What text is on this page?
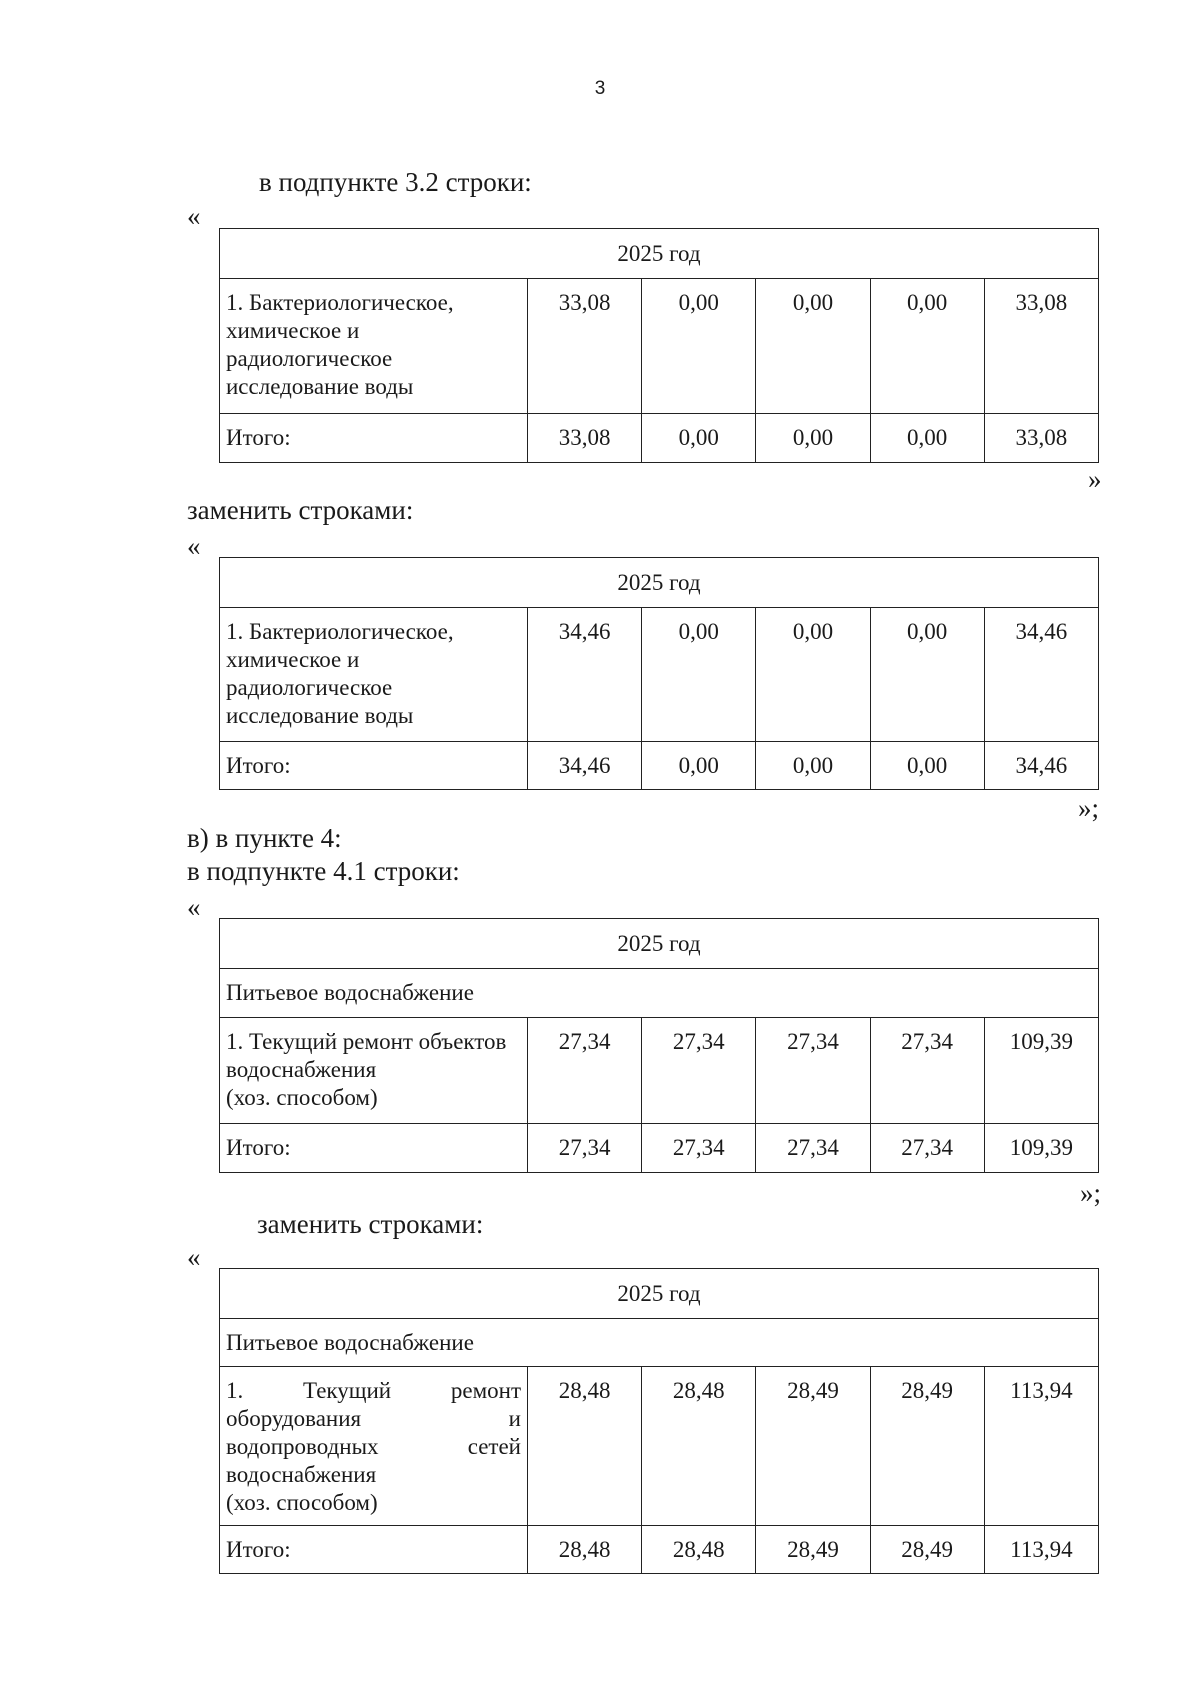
3
в подпункте 3.2 строки:
«
2025 год					

1. Бактериологическое,
химическое и
радиологическое
исследование воды	33,08	0,00	0,00	0,00	33,08
Итого:	33,08	0,00	0,00	0,00	33,08
»
заменить строками:
«
2025 год					

1. Бактериологическое,
химическое и
радиологическое
исследование воды	34,46	0,00	0,00	0,00	34,46
Итого:	34,46	0,00	0,00	0,00	34,46
»;
в) в пункте 4:
в подпункте 4.1 строки:
«
2025 год					
Питьевое водоснабжение					

1. Текущий ремонт объектов
водоснабжения
(хоз. способом)	27,34	27,34	27,34	27,34	109,39
Итого:	27,34	27,34	27,34	27,34	109,39
»;
заменить строками:
«
2025 год					
Питьевое водоснабжение					

1. Текущий ремонт
оборудования и
водопроводных сетей
водоснабжения
(хоз. способом)	28,48	28,48	28,49	28,49	113,94
Итого:	28,48	28,48	28,49	28,49	113,94
